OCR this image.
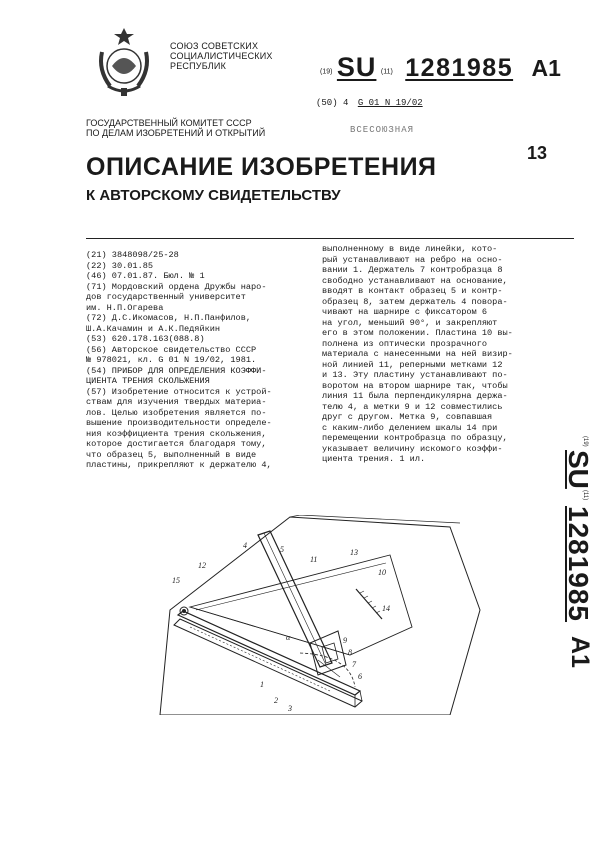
СОЮЗ СОВЕТСКИХ
СОЦИАЛИСТИЧЕСКИХ
РЕСПУБЛИК
(19) SU (11) 1281985 A1
(50) 4 G 01 N 19/02
ГОСУДАРСТВЕННЫЙ КОМИТЕТ СССР
ПО ДЕЛАМ ИЗОБРЕТЕНИЙ И ОТКРЫТИЙ	ВСЕСОЮЗНАЯ
13
ОПИСАНИЕ ИЗОБРЕТЕНИЯ
К АВТОРСКОМУ СВИДЕТЕЛЬСТВУ
(21) 3848098/25-28
(22) 30.01.85
(46) 07.01.87. Бюл. № 1
(71) Мордовский ордена Дружбы наро-
дов государственный университет
им. Н.П.Огарева
(72) Д.С.Икомасов, Н.П.Панфилов,
Ш.А.Качамин и А.К.Педяйкин
(53) 620.178.163(088.8)
(56) Авторское свидетельство СССР
№ 978021, кл. G 01 N 19/02, 1981.
(54) ПРИБОР ДЛЯ ОПРЕДЕЛЕНИЯ КОЭФФИ-
ЦИЕНТА ТРЕНИЯ СКОЛЬЖЕНИЯ
(57) Изобретение относится к устрой-
ствам для изучения твердых материа-
лов. Целью изобретения является по-
вышение производительности определе-
ния коэффициента трения скольжения,
которое достигается благодаря тому,
что образец 5, выполненный в виде
пластины, прикрепляют к держателю 4,
выполненному в виде линейки, кото-
рый устанавливают на ребро на осно-
вании 1. Держатель 7 контробразца 8
свободно устанавливают на основание,
вводят в контакт образец 5 и контр-
образец 8, затем держатель 4 повора-
чивают на шарнире с фиксатором 6
на угол, меньший 90°, и закрепляют
его в этом положении. Пластина 10 вы-
полнена из оптически прозрачного
материала с нанесенными на ней визир-
ной линией 11, реперными метками 12
и 13. Эту пластину устанавливают по-
воротом на втором шарнире так, чтобы
линия 11 была перпендикулярна держа-
телю 4, а метки 9 и 12 совместились
друг с другом. Метка 9, совпавшая
с каким-либо делением шкалы 14 при
перемещении контробразца по образцу,
указывает величину искомого коэффи-
циента трения. 1 ил.
(19)
SU
(11)
1281985
A1
15
12
4	5
11
13
10
14
α	9
8
7
6
1
2
3
